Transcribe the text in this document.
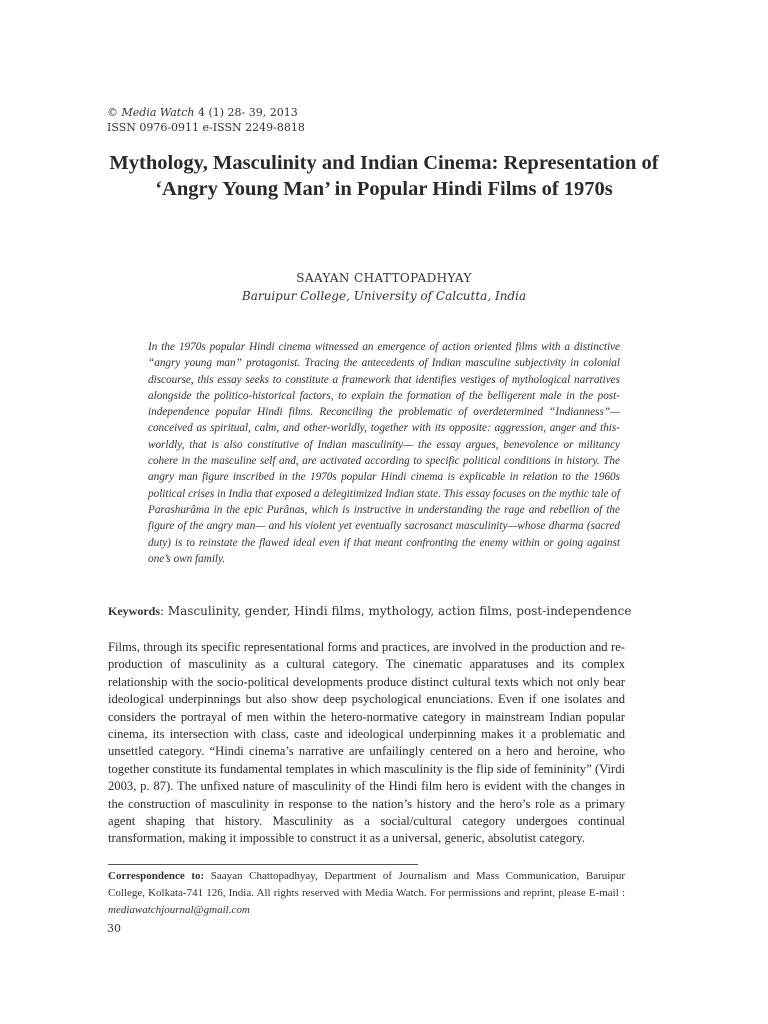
© Media Watch 4 (1) 28- 39, 2013
ISSN 0976-0911 e-ISSN 2249-8818
Mythology, Masculinity and Indian Cinema: Representation of ‘Angry Young Man’ in Popular Hindi Films of 1970s
SAAYAN CHATTOPADHYAY
Baruipur College, University of Calcutta, India
In the 1970s popular Hindi cinema witnessed an emergence of action oriented films with a distinctive “angry young man” protagonist. Tracing the antecedents of Indian masculine subjectivity in colonial discourse, this essay seeks to constitute a framework that identifies vestiges of mythological narratives alongside the politico-historical factors, to explain the formation of the belligerent male in the post-independence popular Hindi films. Reconciling the problematic of overdetermined “Indianness”—conceived as spiritual, calm, and other-worldly, together with its opposite: aggression, anger and this-worldly, that is also constitutive of Indian masculinity— the essay argues, benevolence or militancy cohere in the masculine self and, are activated according to specific political conditions in history. The angry man figure inscribed in the 1970s popular Hindi cinema is explicable in relation to the 1960s political crises in India that exposed a delegitimized Indian state. This essay focuses on the mythic tale of Parashurâma in the epic Purânas, which is instructive in understanding the rage and rebellion of the figure of the angry man— and his violent yet eventually sacrosanct masculinity—whose dharma (sacred duty) is to reinstate the flawed ideal even if that meant confronting the enemy within or going against one’s own family.
Keywords: Masculinity, gender, Hindi films, mythology, action films, post-independence
Films, through its specific representational forms and practices, are involved in the production and re-production of masculinity as a cultural category. The cinematic apparatuses and its complex relationship with the socio-political developments produce distinct cultural texts which not only bear ideological underpinnings but also show deep psychological enunciations. Even if one isolates and considers the portrayal of men within the hetero-normative category in mainstream Indian popular cinema, its intersection with class, caste and ideological underpinning makes it a problematic and unsettled category. “Hindi cinema’s narrative are unfailingly centered on a hero and heroine, who together constitute its fundamental templates in which masculinity is the flip side of femininity” (Virdi 2003, p. 87). The unfixed nature of masculinity of the Hindi film hero is evident with the changes in the construction of masculinity in response to the nation’s history and the hero’s role as a primary agent shaping that history. Masculinity as a social/cultural category undergoes continual transformation, making it impossible to construct it as a universal, generic, absolutist category.
Correspondence to: Saayan Chattopadhyay, Department of Journalism and Mass Communication, Baruipur College, Kolkata-741 126, India. All rights reserved with Media Watch. For permissions and reprint, please E-mail : mediawatchjournal@gmail.com
30
